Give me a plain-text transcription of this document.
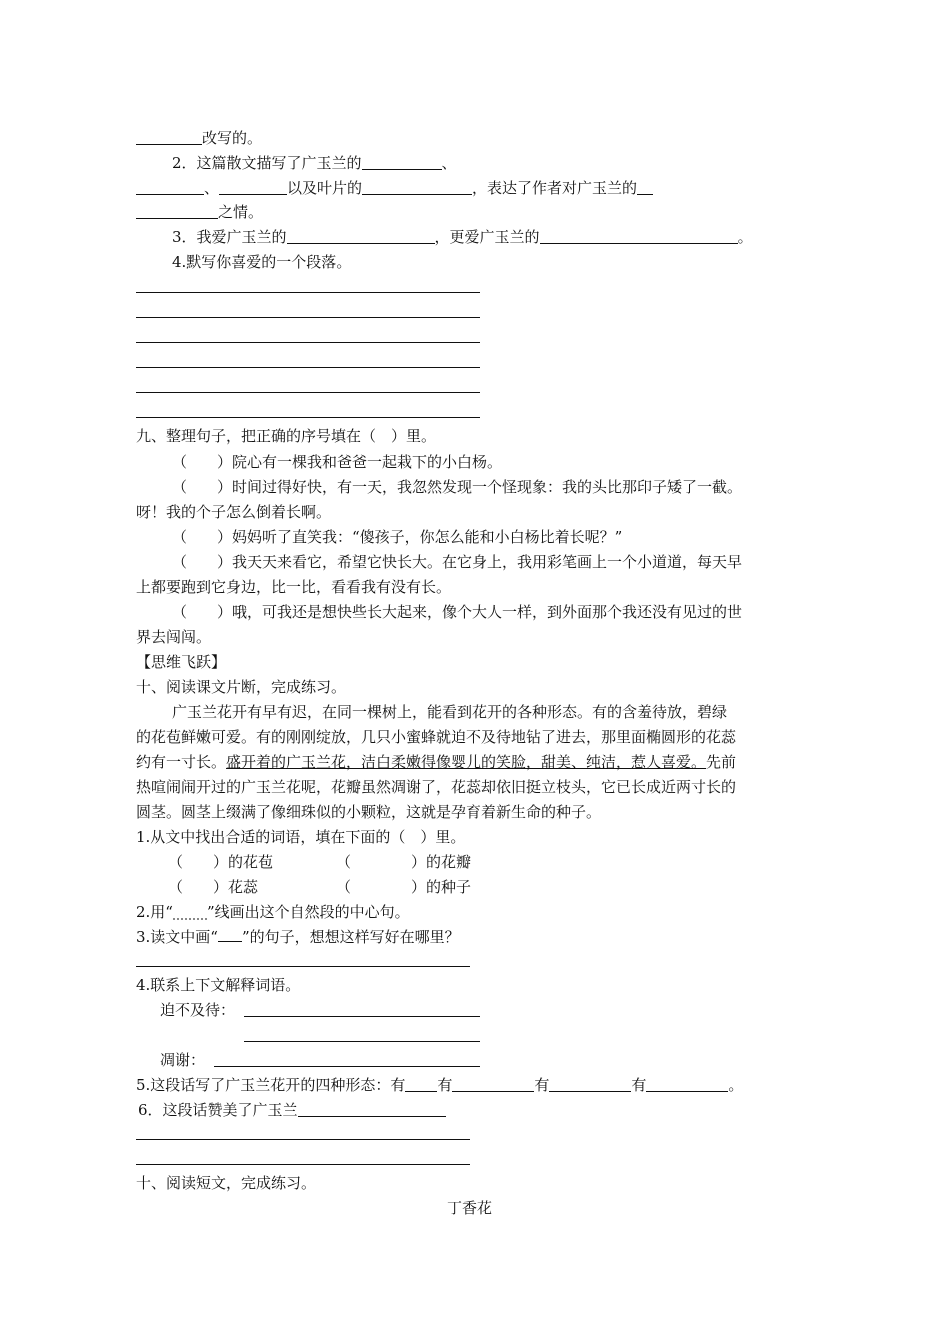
改写的。
2．这篇散文描写了广玉兰的	、
、	以及叶片的	，表达了作者对广玉兰的
之情。
3．我爱广玉兰的	，更爱广玉兰的	。
4.默写你喜爱的一个段落。
九、整理句子，把正确的序号填在（　）里。
（　　）院心有一棵我和爸爸一起栽下的小白杨。
（　　）时间过得好快，有一天，我忽然发现一个怪现象：我的头比那印子矮了一截。
呀！我的个子怎么倒着长啊。
（　　）妈妈听了直笑我：“傻孩子，你怎么能和小白杨比着长呢？”
（　　）我天天来看它，希望它快长大。在它身上，我用彩笔画上一个小道道，每天早
上都要跑到它身边，比一比，看看我有没有长。
（　　）哦，可我还是想快些长大起来，像个大人一样，到外面那个我还没有见过的世
界去闯闯。
【思维飞跃】
十、阅读课文片断，完成练习。
广玉兰花开有早有迟，在同一棵树上，能看到花开的各种形态。有的含羞待放，碧绿
的花苞鲜嫩可爱。有的刚刚绽放，几只小蜜蜂就迫不及待地钻了进去，那里面椭圆形的花蕊
约有一寸长。盛开着的广玉兰花，洁白柔嫩得像婴儿的笑脸，甜美、纯洁，惹人喜爱。先前
热喧闹闹开过的广玉兰花呢，花瓣虽然凋谢了，花蕊却依旧挺立枝头，它已长成近两寸长的
圆茎。圆茎上缀满了像细珠似的小颗粒，这就是孕育着新生命的种子。
1.从文中找出合适的词语，填在下面的（　）里。
（　　）的花苞	（　　　　）的花瓣
（　　）花蕊	（　　　　）的种子
2.用“ ”线画出这个自然段的中心句。
3.读文中画“ ”的句子，想想这样写好在哪里？
4.联系上下文解释词语。
迫不及待：
凋谢：
5.这段话写了广玉兰花开的四种形态：有 有	有	有	。
6．这段话赞美了广玉兰
十、阅读短文，完成练习。
丁香花
